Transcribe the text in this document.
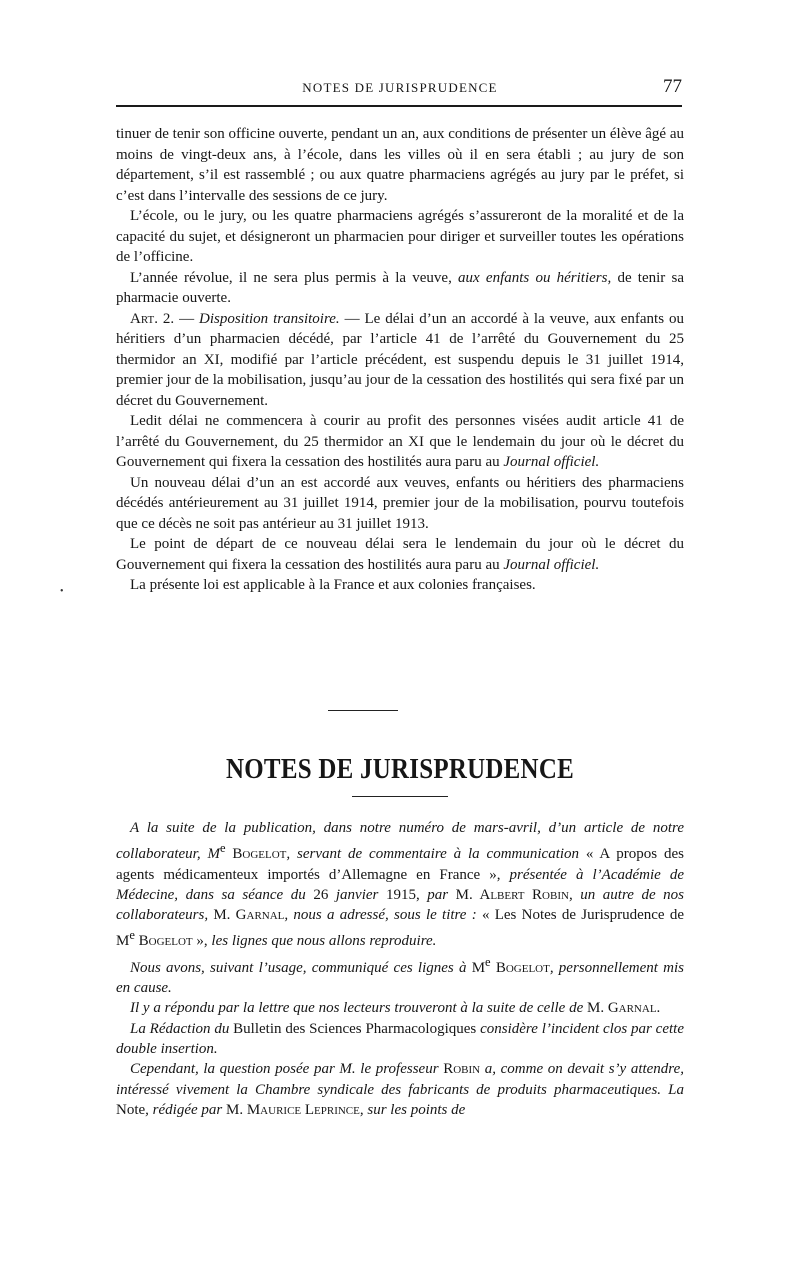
NOTES DE JURISPRUDENCE	77
•

tinuer de tenir son officine ouverte, pendant un an, aux conditions de présenter un élève âgé au moins de vingt-deux ans, à l’école, dans les villes où il en sera établi ; au jury de son département, s’il est rassemblé ; ou aux quatre pharmaciens agrégés au jury par le préfet, si c’est dans l’intervalle des sessions de ce jury.

L’école, ou le jury, ou les quatre pharmaciens agrégés s’assureront de la moralité et de la capacité du sujet, et désigneront un pharmacien pour diriger et surveiller toutes les opérations de l’officine.

L’année révolue, il ne sera plus permis à la veuve, aux enfants ou héritiers, de tenir sa pharmacie ouverte.

Art. 2. — Disposition transitoire. — Le délai d’un an accordé à la veuve, aux enfants ou héritiers d’un pharmacien décédé, par l’article 41 de l’arrêté du Gouvernement du 25 thermidor an XI, modifié par l’article précédent, est suspendu depuis le 31 juillet 1914, premier jour de la mobilisation, jusqu’au jour de la cessation des hostilités qui sera fixé par un décret du Gouvernement.

Ledit délai ne commencera à courir au profit des personnes visées audit article 41 de l’arrêté du Gouvernement, du 25 thermidor an XI que le lendemain du jour où le décret du Gouvernement qui fixera la cessation des hostilités aura paru au Journal officiel.

Un nouveau délai d’un an est accordé aux veuves, enfants ou héritiers des pharmaciens décédés antérieurement au 31 juillet 1914, premier jour de la mobilisation, pourvu toutefois que ce décès ne soit pas antérieur au 31 juillet 1913.

Le point de départ de ce nouveau délai sera le lendemain du jour où le décret du Gouvernement qui fixera la cessation des hostilités aura paru au Journal officiel.

La présente loi est applicable à la France et aux colonies françaises.

NOTES DE JURISPRUDENCE

A la suite de la publication, dans notre numéro de mars-avril, d’un article de notre collaborateur, Me Bogelot, servant de commentaire à la communication « A propos des agents médicamenteux importés d’Allemagne en France », présentée à l’Académie de Médecine, dans sa séance du 26 janvier 1915, par M. Albert Robin, un autre de nos collaborateurs, M. Garnal, nous a adressé, sous le titre : « Les Notes de Jurisprudence de Me Bogelot », les lignes que nous allons reproduire.

Nous avons, suivant l’usage, communiqué ces lignes à Me Bogelot, personnellement mis en cause.

Il y a répondu par la lettre que nos lecteurs trouveront à la suite de celle de M. Garnal.

La Rédaction du Bulletin des Sciences Pharmacologiques considère l’incident clos par cette double insertion.

Cependant, la question posée par M. le professeur Robin a, comme on devait s’y attendre, intéressé vivement la Chambre syndicale des fabricants de produits pharmaceutiques. La Note, rédigée par M. Maurice Leprince, sur les points de
